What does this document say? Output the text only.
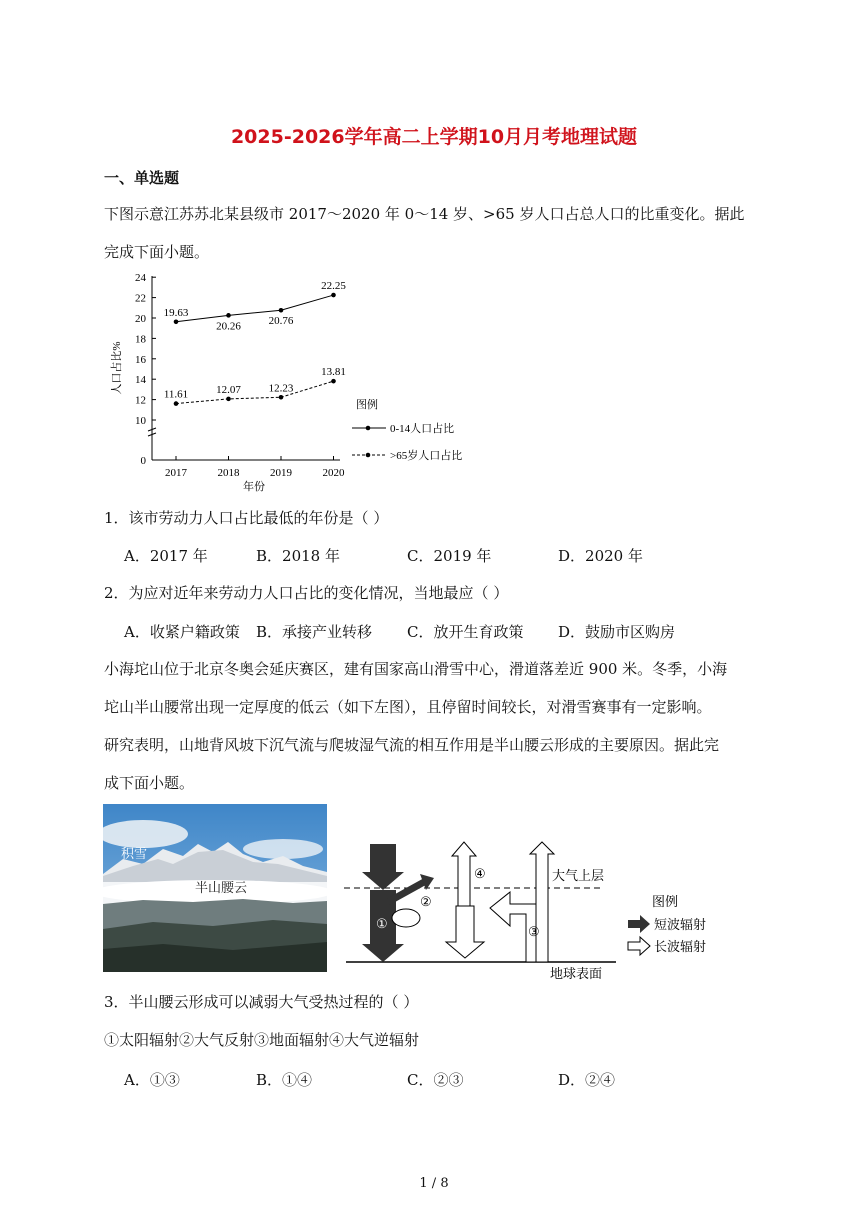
2025-2026学年高二上学期10月月考地理试题
一、单选题
下图示意江苏苏北某县级市 2017～2020 年 0～14 岁、>65 岁人口占总人口的比重变化。据此
完成下面小题。
0
10
12
14
16
18
20
22
24
2017	2018	2019	2020
年份
人口占比%
19.63
20.26	20.76
22.25
11.61	12.07	12.23
13.81
图例
0-14人口占比
>65岁人口占比
1．该市劳动力人口占比最低的年份是（ ）
A．2017 年	B．2018 年	C．2019 年	D．2020 年
2．为应对近年来劳动力人口占比的变化情况，当地最应（ ）
A．收紧户籍政策 B．承接产业转移 C．放开生育政策 D．鼓励市区购房
小海坨山位于北京冬奥会延庆赛区，建有国家高山滑雪中心，滑道落差近 900 米。冬季，小海
坨山半山腰常出现一定厚度的低云（如下左图），且停留时间较长，对滑雪赛事有一定影响。
研究表明，山地背风坡下沉气流与爬坡湿气流的相互作用是半山腰云形成的主要原因。据此完
成下面小题。
积雪
半山腰云
①
②
④
③
大气上层
地球表面
图例
短波辐射
长波辐射
3．半山腰云形成可以减弱大气受热过程的（ ）
①太阳辐射②大气反射③地面辐射④大气逆辐射
A．①③	B．①④	C．②③	D．②④
1 / 8
